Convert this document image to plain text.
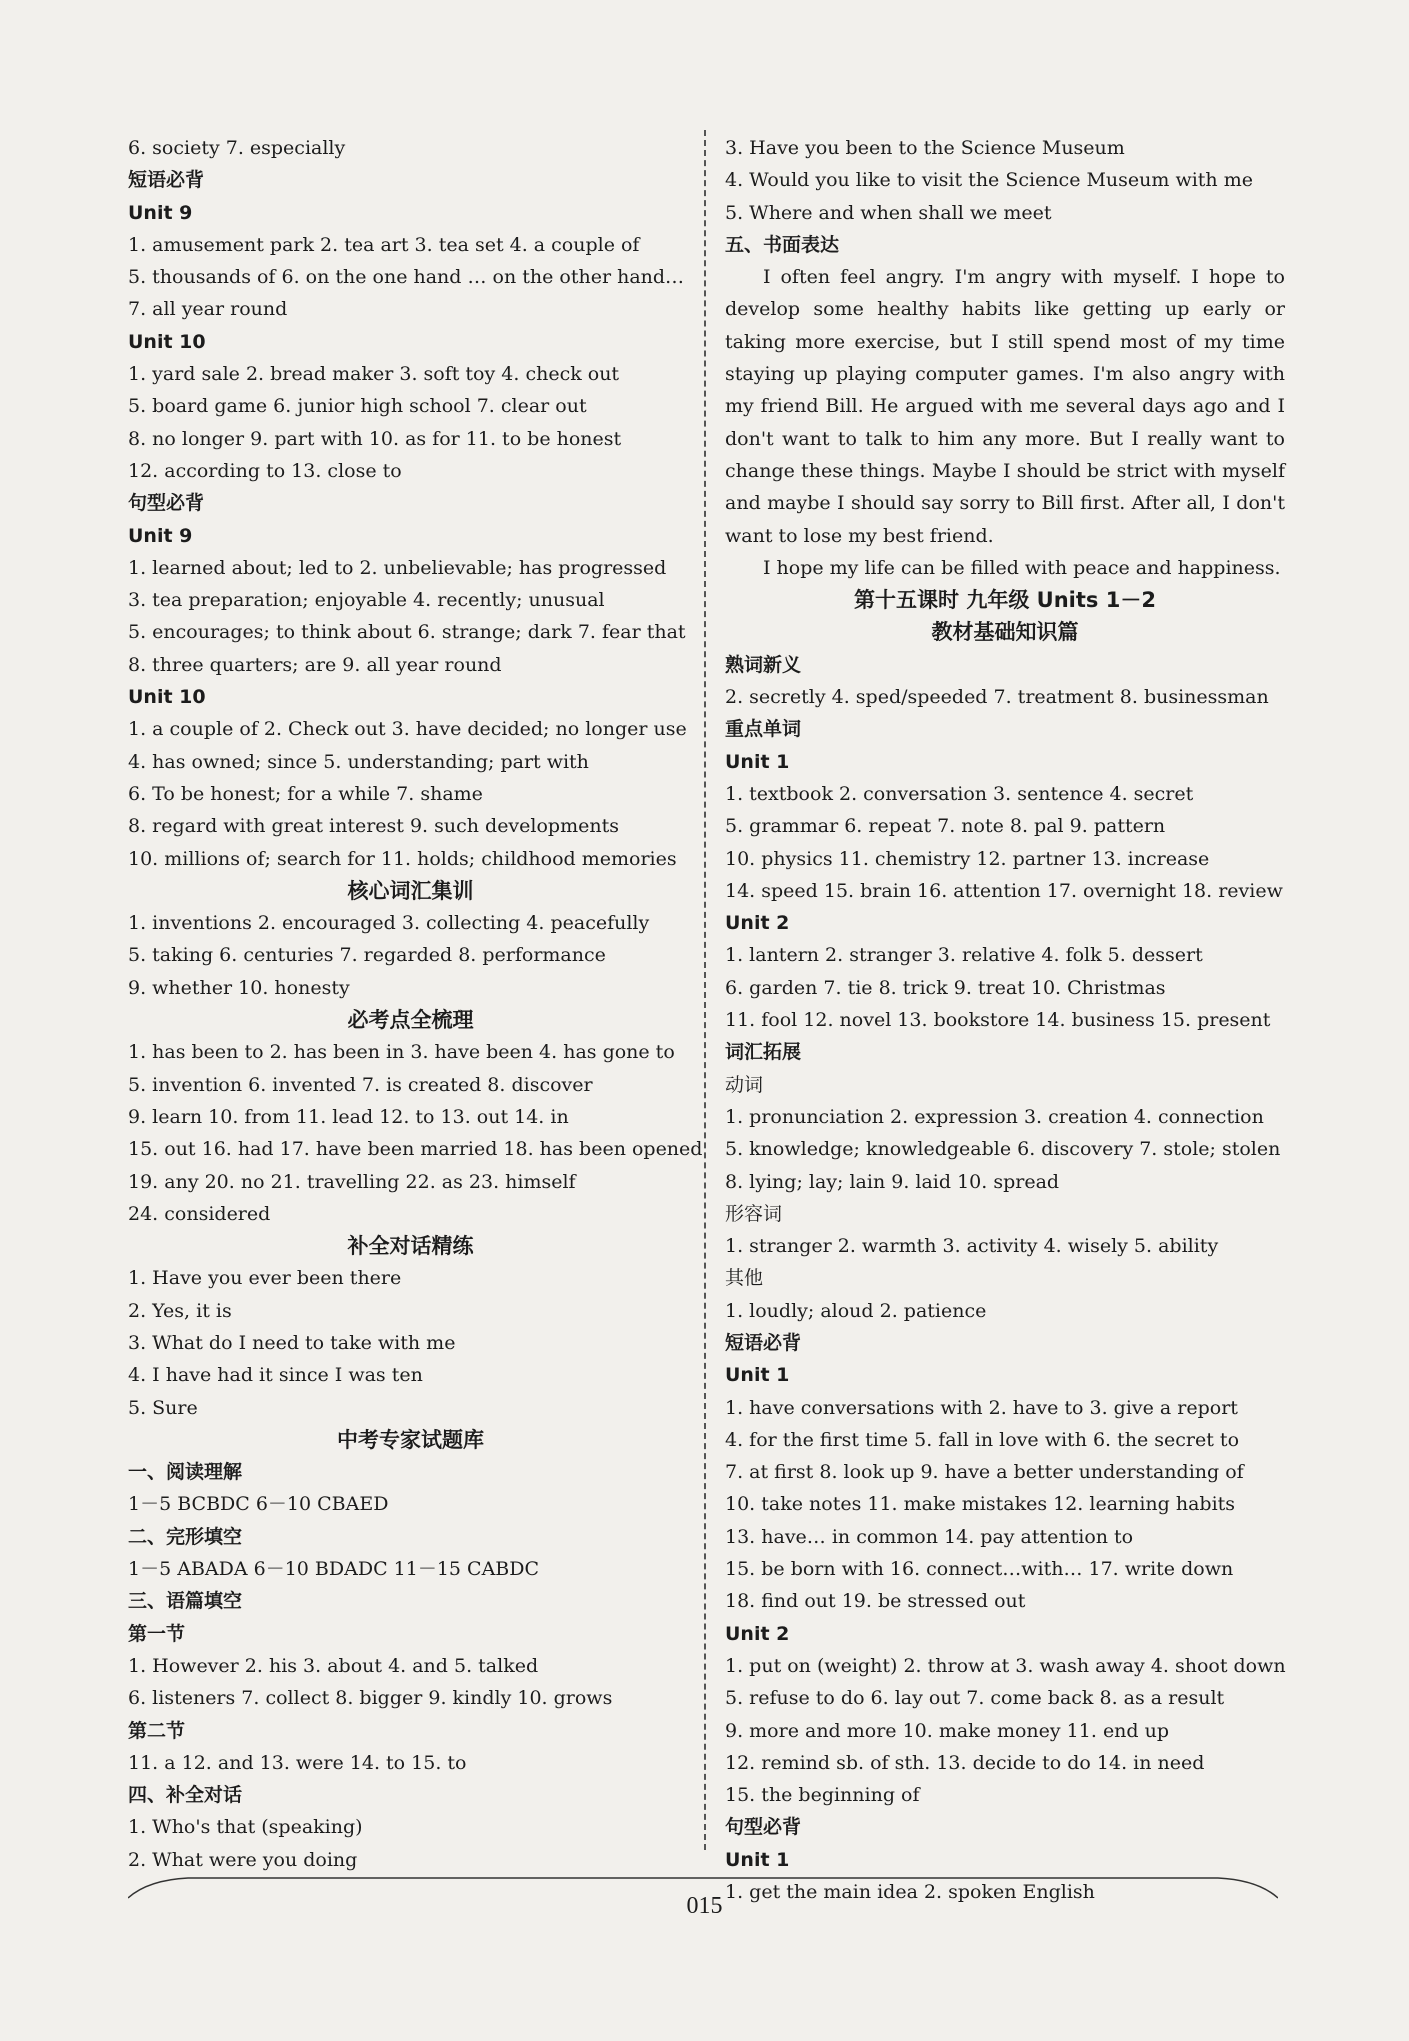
6. society 7. especially
短语必背
Unit 9
1. amusement park 2. tea art 3. tea set 4. a couple of
5. thousands of 6. on the one hand … on the other hand…
7. all year round
Unit 10
1. yard sale 2. bread maker 3. soft toy 4. check out
5. board game 6. junior high school 7. clear out
8. no longer 9. part with 10. as for 11. to be honest
12. according to 13. close to
句型必背
Unit 9
1. learned about; led to 2. unbelievable; has progressed
3. tea preparation; enjoyable 4. recently; unusual
5. encourages; to think about 6. strange; dark 7. fear that
8. three quarters; are 9. all year round
Unit 10
1. a couple of 2. Check out 3. have decided; no longer use
4. has owned; since 5. understanding; part with
6. To be honest; for a while 7. shame
8. regard with great interest 9. such developments
10. millions of; search for 11. holds; childhood memories
核心词汇集训
1. inventions 2. encouraged 3. collecting 4. peacefully
5. taking 6. centuries 7. regarded 8. performance
9. whether 10. honesty
必考点全梳理
1. has been to 2. has been in 3. have been 4. has gone to
5. invention 6. invented 7. is created 8. discover
9. learn 10. from 11. lead 12. to 13. out 14. in
15. out 16. had 17. have been married 18. has been opened
19. any 20. no 21. travelling 22. as 23. himself
24. considered
补全对话精练
1. Have you ever been there
2. Yes, it is
3. What do I need to take with me
4. I have had it since I was ten
5. Sure
中考专家试题库
一、阅读理解
1－5 BCBDC 6－10 CBAED
二、完形填空
1－5 ABADA 6－10 BDADC 11－15 CABDC
三、语篇填空
第一节
1. However 2. his 3. about 4. and 5. talked
6. listeners 7. collect 8. bigger 9. kindly 10. grows
第二节
11. a 12. and 13. were 14. to 15. to
四、补全对话
1. Who's that (speaking)
2. What were you doing
3. Have you been to the Science Museum
4. Would you like to visit the Science Museum with me
5. Where and when shall we meet
五、书面表达

I often feel angry. I'm angry with myself. I hope to develop some healthy habits like getting up early or taking more exercise, but I still spend most of my time staying up playing computer games. I'm also angry with my friend Bill. He argued with me several days ago and I don't want to talk to him any more. But I really want to change these things. Maybe I should be strict with myself and maybe I should say sorry to Bill first. After all, I don't want to lose my best friend.

I hope my life can be filled with peace and happiness.

第十五课时 九年级 Units 1－2
教材基础知识篇
熟词新义
2. secretly 4. sped/speeded 7. treatment 8. businessman
重点单词
Unit 1
1. textbook 2. conversation 3. sentence 4. secret
5. grammar 6. repeat 7. note 8. pal 9. pattern
10. physics 11. chemistry 12. partner 13. increase
14. speed 15. brain 16. attention 17. overnight 18. review
Unit 2
1. lantern 2. stranger 3. relative 4. folk 5. dessert
6. garden 7. tie 8. trick 9. treat 10. Christmas
11. fool 12. novel 13. bookstore 14. business 15. present
词汇拓展
动词
1. pronunciation 2. expression 3. creation 4. connection
5. knowledge; knowledgeable 6. discovery 7. stole; stolen
8. lying; lay; lain 9. laid 10. spread
形容词
1. stranger 2. warmth 3. activity 4. wisely 5. ability
其他
1. loudly; aloud 2. patience
短语必背
Unit 1
1. have conversations with 2. have to 3. give a report
4. for the first time 5. fall in love with 6. the secret to
7. at first 8. look up 9. have a better understanding of
10. take notes 11. make mistakes 12. learning habits
13. have… in common 14. pay attention to
15. be born with 16. connect…with… 17. write down
18. find out 19. be stressed out
Unit 2
1. put on (weight) 2. throw at 3. wash away 4. shoot down
5. refuse to do 6. lay out 7. come back 8. as a result
9. more and more 10. make money 11. end up
12. remind sb. of sth. 13. decide to do 14. in need
15. the beginning of
句型必背
Unit 1
1. get the main idea 2. spoken English
015
